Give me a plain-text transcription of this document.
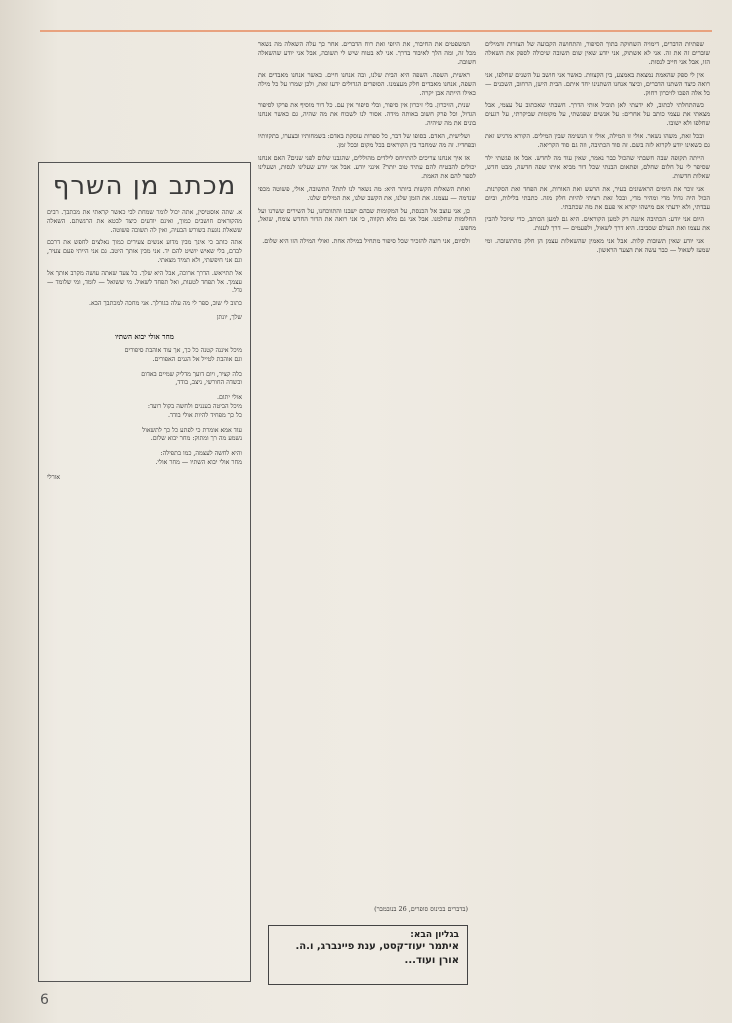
שפתיות הדברים, דימויה השחוקה בתוך הסיפור, והתחושה הקבועה של הצורות והמילים שוברים זה את זה. אני לא אשתוק, אני יודע שאין שום תשובה שיכולה לספק את השאלה הזו, אבל אני חייב לנסות.

אין לי ספק שהאמת נמצאת באמצע, בין הקצוות. כאשר אני חושב על השנים שחלפו, אני רואה כיצד השתנו הדברים, וכיצד אנחנו השתנינו יחד איתם. הבית הישן, הרחוב, השכנים — כל אלה הפכו לזיכרון רחוק.

כשהתחלתי לכתוב, לא ידעתי לאן תוביל אותי הדרך. חשבתי שאכתוב על עצמי, אבל מצאתי את עצמי כותב על אחרים: על אנשים שפגשתי, על מקומות שביקרתי, על רגעים שחלפו ולא ישובו.

ובכל זאת, משהו נשאר. אולי זו המילה, אולי זו הנשימה שבין המילים. הקורא מרגיש זאת גם כשאינו יודע לקרוא לזה בשם. זה סוד הכתיבה, וזה גם סוד הקריאה.

הייתה תקופה שבה חשבתי שהכול כבר נאמר, שאין עוד מה לחדש. אבל אז פגשתי ילד שסיפר לי על חלום שחלם, ופתאום הבנתי שכל דור מביא איתו שפה חדשה, מבט חדש, שאלות חדשות.

אני זוכר את הימים הראשונים בעיר, את הרעש ואת האורות, את הפחד ואת הסקרנות. הכול היה גדול מדי ומהיר מדי, ובכל זאת רציתי להיות חלק מזה. כתבתי בלילות, וביום עבדתי, ולא ידעתי אם מישהו יקרא אי פעם את מה שכתבתי.

היום אני יודע: הכתיבה איננה רק למען הקוראים. היא גם למען הכותב, כדי שיוכל להבין את עצמו ואת העולם שסביבו. היא דרך לשאול, ולפעמים — דרך לענות.

אני יודע שאין תשובות קלות. אבל אני מאמין שהשאלות עצמן הן חלק מהתשובה. ומי שמעז לשאול — כבר עשה את הצעד הראשון.

המשפטים את החיבור, את היופי ואת רוח הדברים. אחר כך עלה השאלה מה נשאר מכל זה, ומה הלך לאיבוד בדרך. אני לא בטוח שיש לי תשובה, אבל אני יודע שהשאלה חשובה.

ראשית, השפה. השפה היא הבית שלנו, ובה אנחנו חיים. כאשר אנחנו מאבדים את השפה, אנחנו מאבדים חלק מעצמנו. הסופרים הגדולים ידעו זאת, ולכן שמרו על כל מילה כאילו הייתה אבן יקרה.

שנית, הזיכרון. בלי זיכרון אין סיפור, ובלי סיפור אין עם. כל דור מוסיף את פרקו לסיפור הגדול, וכל פרק חשוב באותה מידה. אסור לנו לשכוח את מה שהיה, גם כאשר אנחנו בונים את מה שיהיה.

ושלישית, האדם. בסופו של דבר, כל ספרות עוסקת באדם: בשמחותיו ובצערו, בתקוותיו ובפחדיו. זה מה שמחבר בין הקוראים בכל מקום ובכל זמן.

אז איך אנחנו צריכים להתייחס לילדים מהוללים, שהגבנו שלום לפני שנים? האם אנחנו יכולים להבטיח להם עתיד טוב יותר? אינני יודע. אבל אני יודע שעלינו לנסות, ושעלינו לספר להם את האמת.

ואחת השאלות הקשות ביותר היא: מה נשאר לנו לתת? התשובה, אולי, פשוטה מכפי שנדמה — עצמנו. את הזמן שלנו, את הקשב שלנו, את המילים שלנו.

כן, אני עוצב אל הכנסת, על המקומות שבהם ישבנו והתווכחנו, על השירים ששרנו ועל החלומות שחלמנו. אבל אני גם מלא תקווה, כי אני רואה את הדור החדש צומח, שואל, מחפש.

ולסיום, אני רוצה להזכיר שכל סיפור מתחיל במילה אחת. ואולי המילה הזו היא שלום.

מכתב מן השרף

א. שתה אוסטיסין, אתה יכול לומר שמחת לבי כאשר קראתי את מכתבך. רבים מהקוראים חושבים כמוך, ואינם יודעים כיצד לבטא את הרגשתם. השאלה ששאלת נוגעת בשורש הבעיה, ואין לה תשובה פשוטה.

אתה כותב כי אינך מבין מדוע אנשים צעירים כמוך נאלצים לחפש את דרכם לבדם, בלי שאיש יושיט להם יד. אני מבין אותך היטב. גם אני הייתי פעם צעיר, וגם אני חיפשתי, ולא תמיד מצאתי.

אל תתייאש. הדרך ארוכה, אבל היא שלך. כל צעד שאתה עושה מקרב אותך אל עצמך. אל תפחד לטעות, ואל תפחד לשאול. מי ששואל — לומד, ומי שלומד — גדל.

כתוב לי שוב, ספר לי מה עלה בגורלך. אני מחכה למכתבך הבא.

שלך, יונתן
מחר אולי יבוא השתיו
מיכל איננה קטנה כל כך, אך עוד אוהבת סיפורים
וגם אוהבת לטייל אל הגנים האפורים.
כלה קציר, ויום דועך מדליק שמיים באדום
ובשדה החורשי, ניצב, בודד,
אולי יתום.
מיכל הביטה בעננים ולחשה בקול רועד:
כל כך מפחיד להיות אולי בודד.
עוד אמא אומרת כי לפתע כל כך לתשאול
נשמע מה רך ומתוק: מחר יבוא שלום.
והיא לחשה לעצמה, כמו בתפילה:
מחר אולי יבוא השתיו — מחר אולי.
אורלי
(בדברים בכינוס סופרים, 26 בנובמבר)
בגליון הבא:
איתמר יעוז־קסט, ענת פיינברג, ו.ה. אורן ועוד...
6
